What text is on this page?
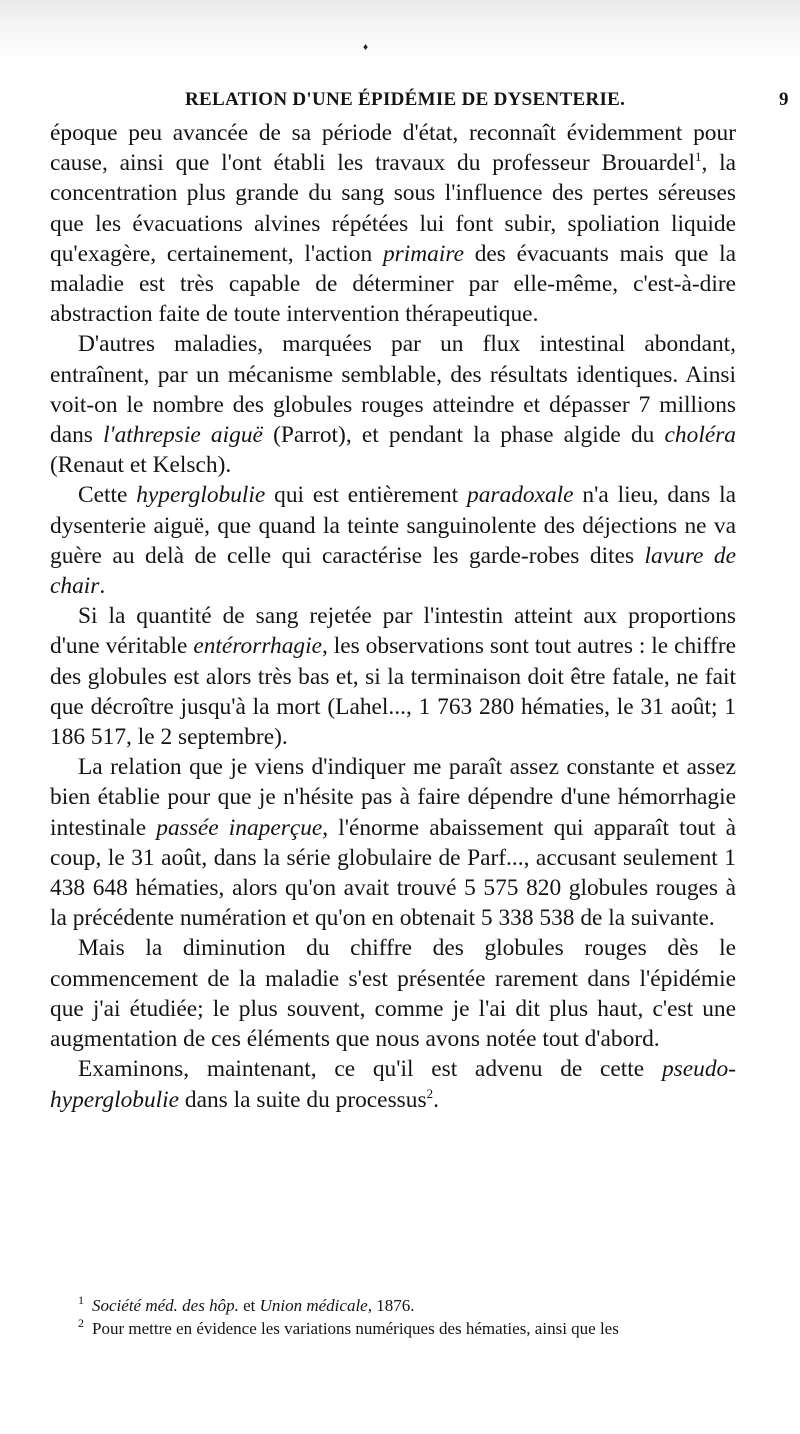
♦
RELATION D'UNE ÉPIDÉMIE DE DYSENTERIE.	9

époque peu avancée de sa période d'état, reconnaît évidemment pour cause, ainsi que l'ont établi les travaux du professeur Brouardel$^1$, la concentration plus grande du sang sous l'influence des pertes séreuses que les évacuations alvines répétées lui font subir, spoliation liquide qu'exagère, certainement, l'action primaire des évacuants mais que la maladie est très capable de déterminer par elle-même, c'est-à-dire abstraction faite de toute intervention thérapeutique.

D'autres maladies, marquées par un flux intestinal abondant, entraînent, par un mécanisme semblable, des résultats identiques. Ainsi voit-on le nombre des globules rouges atteindre et dépasser 7 millions dans l'athrepsie aiguë (Parrot), et pendant la phase algide du choléra (Renaut et Kelsch).

Cette hyperglobulie qui est entièrement paradoxale n'a lieu, dans la dysenterie aiguë, que quand la teinte sanguinolente des déjections ne va guère au delà de celle qui caractérise les garde-robes dites lavure de chair.

Si la quantité de sang rejetée par l'intestin atteint aux proportions d'une véritable entérorrhagie, les observations sont tout autres : le chiffre des globules est alors très bas et, si la terminaison doit être fatale, ne fait que décroître jusqu'à la mort (Lahel..., 1 763 280 hématies, le 31 août; 1 186 517, le 2 septembre).

La relation que je viens d'indiquer me paraît assez constante et assez bien établie pour que je n'hésite pas à faire dépendre d'une hémorrhagie intestinale passée inaperçue, l'énorme abaissement qui apparaît tout à coup, le 31 août, dans la série globulaire de Parf..., accusant seulement 1 438 648 hématies, alors qu'on avait trouvé 5 575 820 globules rouges à la précédente numération et qu'on en obtenait 5 338 538 de la suivante.

Mais la diminution du chiffre des globules rouges dès le commencement de la maladie s'est présentée rarement dans l'épidémie que j'ai étudiée; le plus souvent, comme je l'ai dit plus haut, c'est une augmentation de ces éléments que nous avons notée tout d'abord.

Examinons, maintenant, ce qu'il est advenu de cette pseudo-hyperglobulie dans la suite du processus$^2$.

$^1$ Société méd. des hôp. et Union médicale, 1876.

$^2$ Pour mettre en évidence les variations numériques des hématies, ainsi que les
